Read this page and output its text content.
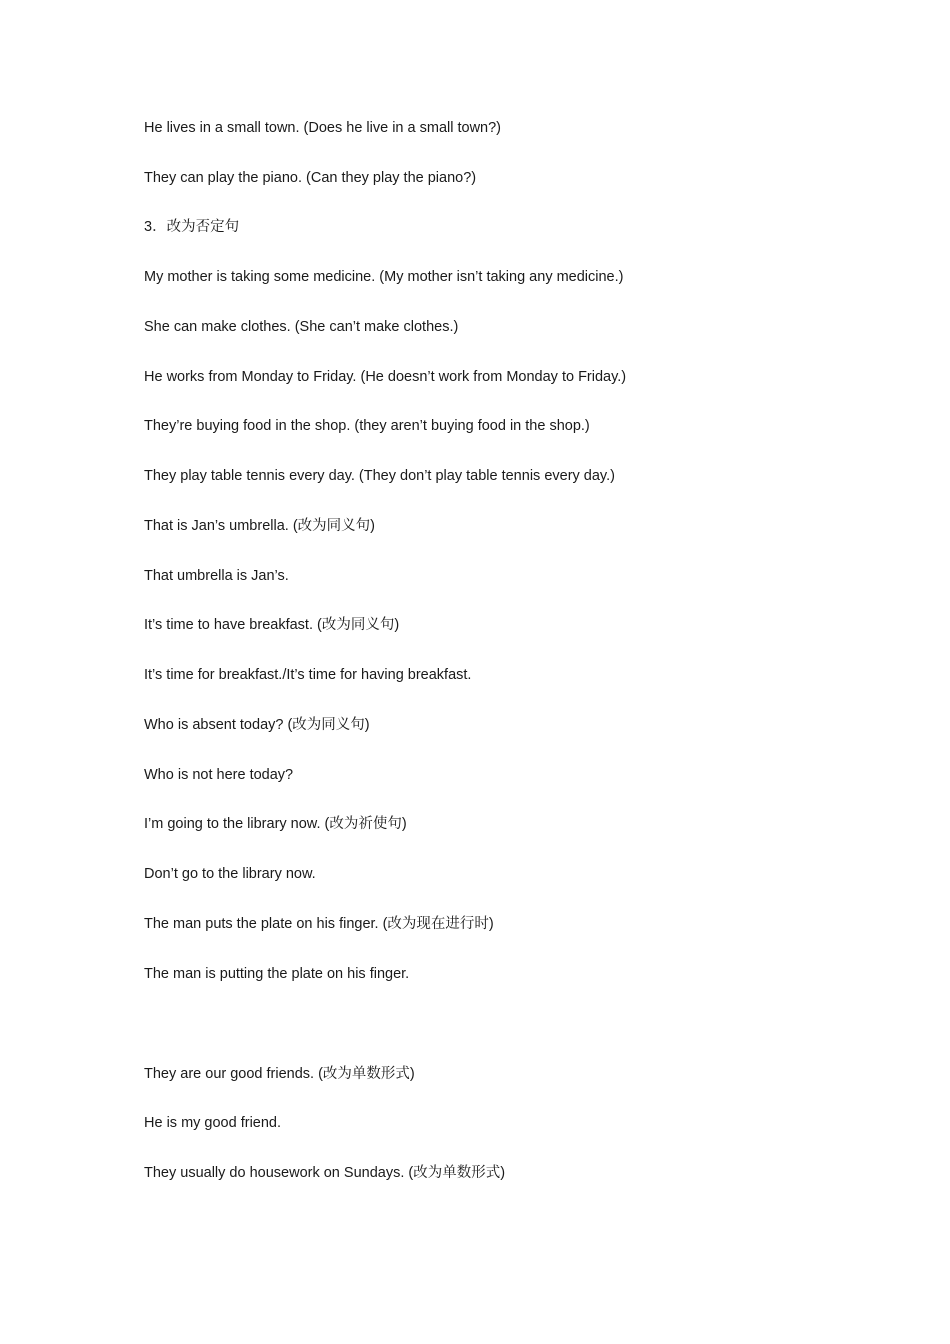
He lives in a small town. (Does he live in a small town?)

They can play the piano. (Can they play the piano?)

3．改为否定句

My mother is taking some medicine. (My mother isn’t taking any medicine.)

She can make clothes. (She can’t make clothes.)

He works from Monday to Friday. (He doesn’t work from Monday to Friday.)

They’re buying food in the shop. (they aren’t buying food in the shop.)

They play table tennis every day. (They don’t play table tennis every day.)

That is Jan’s umbrella. (改为同义句)

That umbrella is Jan’s.

It’s time to have breakfast. (改为同义句)

It’s time for breakfast./It’s time for having breakfast.

Who is absent today? (改为同义句)

Who is not here today?

I’m going to the library now. (改为祈使句)

Don’t go to the library now.

The man puts the plate on his finger. (改为现在进行时)

The man is putting the plate on his finger.

They are our good friends. (改为单数形式)

He is my good friend.

They usually do housework on Sundays. (改为单数形式)
